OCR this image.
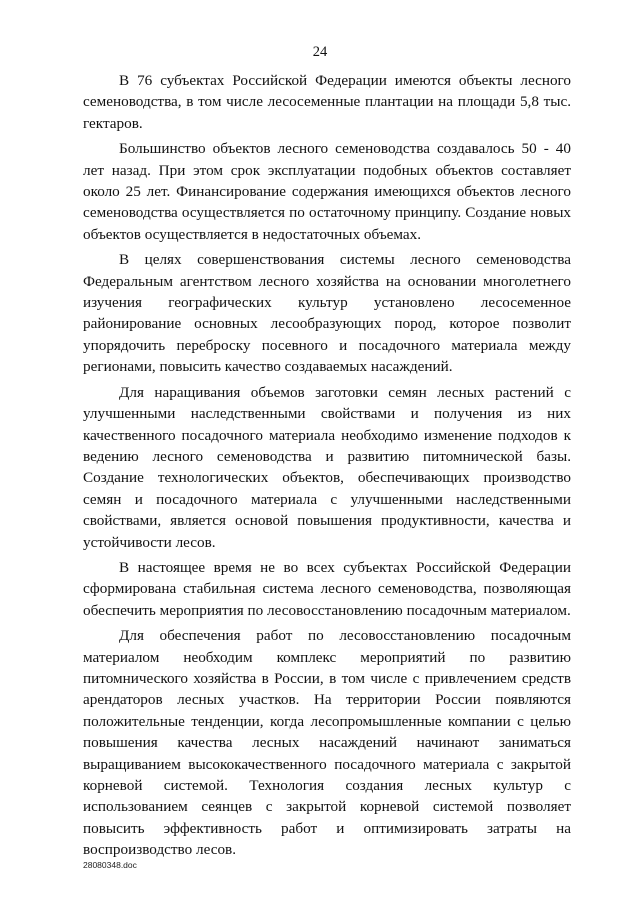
24

В 76 субъектах Российской Федерации имеются объекты лесного семеноводства, в том числе лесосеменные плантации на площади 5,8 тыс. гектаров.

Большинство объектов лесного семеноводства создавалось 50 - 40 лет назад. При этом срок эксплуатации подобных объектов составляет около 25 лет. Финансирование содержания имеющихся объектов лесного семеноводства осуществляется по остаточному принципу. Создание новых объектов осуществляется в недостаточных объемах.

В целях совершенствования системы лесного семеноводства Федеральным агентством лесного хозяйства на основании многолетнего изучения географических культур установлено лесосеменное районирование основных лесообразующих пород, которое позволит упорядочить переброску посевного и посадочного материала между регионами, повысить качество создаваемых насаждений.

Для наращивания объемов заготовки семян лесных растений с улучшенными наследственными свойствами и получения из них качественного посадочного материала необходимо изменение подходов к ведению лесного семеноводства и развитию питомнической базы. Создание технологических объектов, обеспечивающих производство семян и посадочного материала с улучшенными наследственными свойствами, является основой повышения продуктивности, качества и устойчивости лесов.

В настоящее время не во всех субъектах Российской Федерации сформирована стабильная система лесного семеноводства, позволяющая обеспечить мероприятия по лесовосстановлению посадочным материалом.

Для обеспечения работ по лесовосстановлению посадочным материалом необходим комплекс мероприятий по развитию питомнического хозяйства в России, в том числе с привлечением средств арендаторов лесных участков. На территории России появляются положительные тенденции, когда лесопромышленные компании с целью повышения качества лесных насаждений начинают заниматься выращиванием высококачественного посадочного материала с закрытой корневой системой. Технология создания лесных культур с использованием сеянцев с закрытой корневой системой позволяет повысить эффективность работ и оптимизировать затраты на воспроизводство лесов.

28080348.doc
